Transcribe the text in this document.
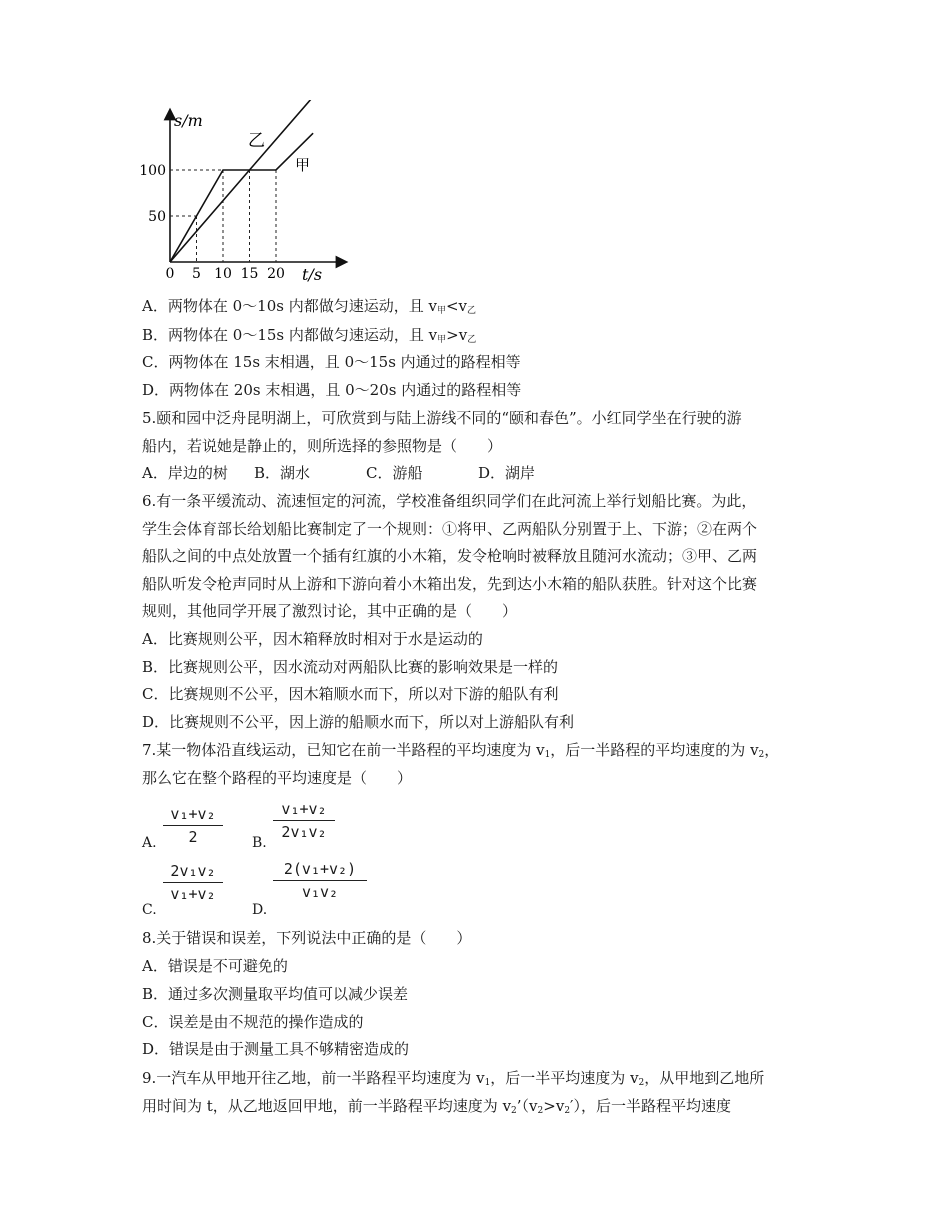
s/m
t/s
0 5 10 15 20
50
100
乙
甲
A．两物体在 0～10s 内都做匀速运动，且 $v_甲<v_乙$
B．两物体在 0～15s 内都做匀速运动，且 $v_甲>v_乙$
C．两物体在 15s 末相遇，且 0～15s 内通过的路程相等
D．两物体在 20s 末相遇，且 0～20s 内通过的路程相等
5.颐和园中泛舟昆明湖上，可欣赏到与陆上游线不同的“颐和春色”。小红同学坐在行驶的游
船内，若说她是静止的，则所选择的参照物是（　　）
A．岸边的树	B．湖水	C．游船	D．湖岸
6.有一条平缓流动、流速恒定的河流，学校准备组织同学们在此河流上举行划船比赛。为此，
学生会体育部长给划船比赛制定了一个规则：①将甲、乙两船队分别置于上、下游；②在两个
船队之间的中点处放置一个插有红旗的小木箱，发令枪响时被释放且随河水流动；③甲、乙两
船队听发令枪声同时从上游和下游向着小木箱出发，先到达小木箱的船队获胜。针对这个比赛
规则，其他同学开展了激烈讨论，其中正确的是（　　）
A．比赛规则公平，因木箱释放时相对于水是运动的
B．比赛规则公平，因水流动对两船队比赛的影响效果是一样的
C．比赛规则不公平，因木箱顺水而下，所以对下游的船队有利
D．比赛规则不公平，因上游的船顺水而下，所以对上游船队有利
7.某一物体沿直线运动，已知它在前一半路程的平均速度为 $v_1$，后一半路程的平均速度的为 $v_2$，
那么它在整个路程的平均速度是（　　）
A. $\frac{\text{v₁+v₂}}{2} B$. $\frac{\text{v₁+v₂}}{\text{2v₁v₂}}$
C.
$\frac{\text{2v₁v₂}}{\text{v₁+v₂}}$
D.
$\frac{\text{2(v₁+v₂)}}{\text{v₁v₂}}$
8.关于错误和误差，下列说法中正确的是（　　）
A．错误是不可避免的
B．通过多次测量取平均值可以减少误差
C．误差是由不规范的操作造成的
D．错误是由于测量工具不够精密造成的
9.一汽车从甲地开往乙地，前一半路程平均速度为 $v_1$，后一半平均速度为 $v_2$，从甲地到乙地所
用时间为 t，从乙地返回甲地，前一半路程平均速度为 $v_2’(v_2>v_2')$，后一半路程平均速度
